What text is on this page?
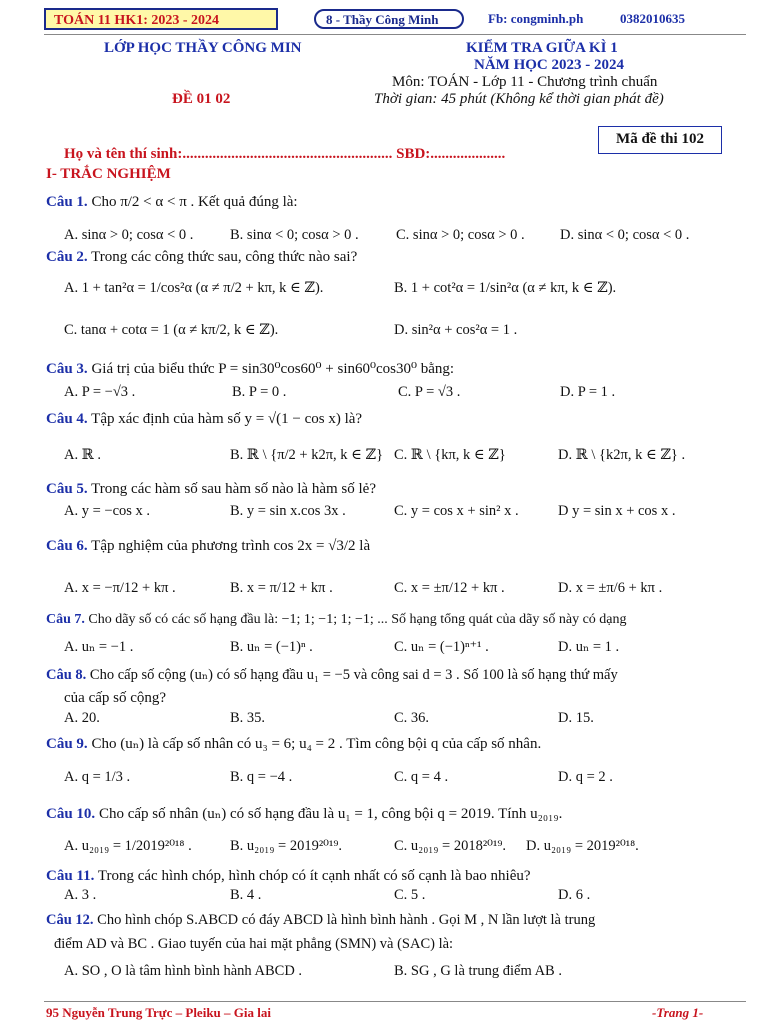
TOÁN 11 HK1: 2023 - 2024	8 - Thầy Công Minh	Fb: congminh.ph	0382010635
LỚP HỌC THẦY CÔNG MIN	KIỂM TRA GIỮA KÌ 1
NĂM HỌC 2023 - 2024
Môn: TOÁN - Lớp 11 - Chương trình chuẩn
ĐỀ 01 02	Thời gian: 45 phút (Không kể thời gian phát đề)
Mã đề thi 102
Họ và tên thí sinh:........................................................ SBD:....................
I- TRẮC NGHIỆM
Câu 1. Cho π/2 < α < π . Kết quả đúng là:
A. sinα > 0; cosα < 0 .	B. sinα < 0; cosα > 0 .	C. sinα > 0; cosα > 0 . D. sinα < 0; cosα < 0 .
Câu 2. Trong các công thức sau, công thức nào sai?
A. 1 + tan²α = 1/cos²α (α ≠ π/2 + kπ, k ∈ ℤ).	B. 1 + cot²α = 1/sin²α (α ≠ kπ, k ∈ ℤ).
C. tanα + cotα = 1 (α ≠ kπ/2, k ∈ ℤ).	D. sin²α + cos²α = 1 .
Câu 3. Giá trị của biểu thức P = sin30⁰cos60⁰ + sin60⁰cos30⁰ bằng:
A. P = −√3 .	B. P = 0 .	C. P = √3 .	D. P = 1 .
Câu 4. Tập xác định của hàm số y = √(1 − cos x) là?
A. ℝ .	B. ℝ \ {π/2 + k2π, k ∈ ℤ} C. ℝ \ {kπ, k ∈ ℤ}	D. ℝ \ {k2π, k ∈ ℤ} .
Câu 5. Trong các hàm số sau hàm số nào là hàm số lẻ?
A. y = −cos x .	B. y = sin x.cos 3x .	C. y = cos x + sin² x .	D y = sin x + cos x .
Câu 6. Tập nghiệm của phương trình cos 2x = √3/2 là
A. x = −π/12 + kπ .	B. x = π/12 + kπ .	C. x = ±π/12 + kπ .	D. x = ±π/6 + kπ .
Câu 7. Cho dãy số có các số hạng đầu là: −1; 1; −1; 1; −1; ... Số hạng tổng quát của dãy số này có dạng
A. uₙ = −1 .	B. uₙ = (−1)ⁿ .	C. uₙ = (−1)ⁿ⁺¹ .	D. uₙ = 1 .
Câu 8. Cho cấp số cộng (uₙ) có số hạng đầu u₁ = −5 và công sai d = 3 . Số 100 là số hạng thứ mấy
của cấp số cộng?
A. 20.	B. 35.	C. 36.	D. 15.
Câu 9. Cho (uₙ) là cấp số nhân có u₃ = 6; u₄ = 2 . Tìm công bội q của cấp số nhân.
A. q = 1/3 .	B. q = −4 .	C. q = 4 .	D. q = 2 .
Câu 10. Cho cấp số nhân (uₙ) có số hạng đầu là u₁ = 1, công bội q = 2019. Tính u₂₀₁₉.
A. u₂₀₁₉ = 1/2019²⁰¹⁸ .	B. u₂₀₁₉ = 2019²⁰¹⁹.	C. u₂₀₁₉ = 2018²⁰¹⁹. D. u₂₀₁₉ = 2019²⁰¹⁸.
Câu 11. Trong các hình chóp, hình chóp có ít cạnh nhất có số cạnh là bao nhiêu?
A. 3 .	B. 4 .	C. 5 .	D. 6 .
Câu 12. Cho hình chóp S.ABCD có đáy ABCD là hình bình hành . Gọi M , N lần lượt là trung
điểm AD và BC . Giao tuyến của hai mặt phẳng (SMN) và (SAC) là:
A. SO , O là tâm hình bình hành ABCD .	B. SG , G là trung điểm AB .
95 Nguyễn Trung Trực – Pleiku – Gia lai	-Trang 1-
